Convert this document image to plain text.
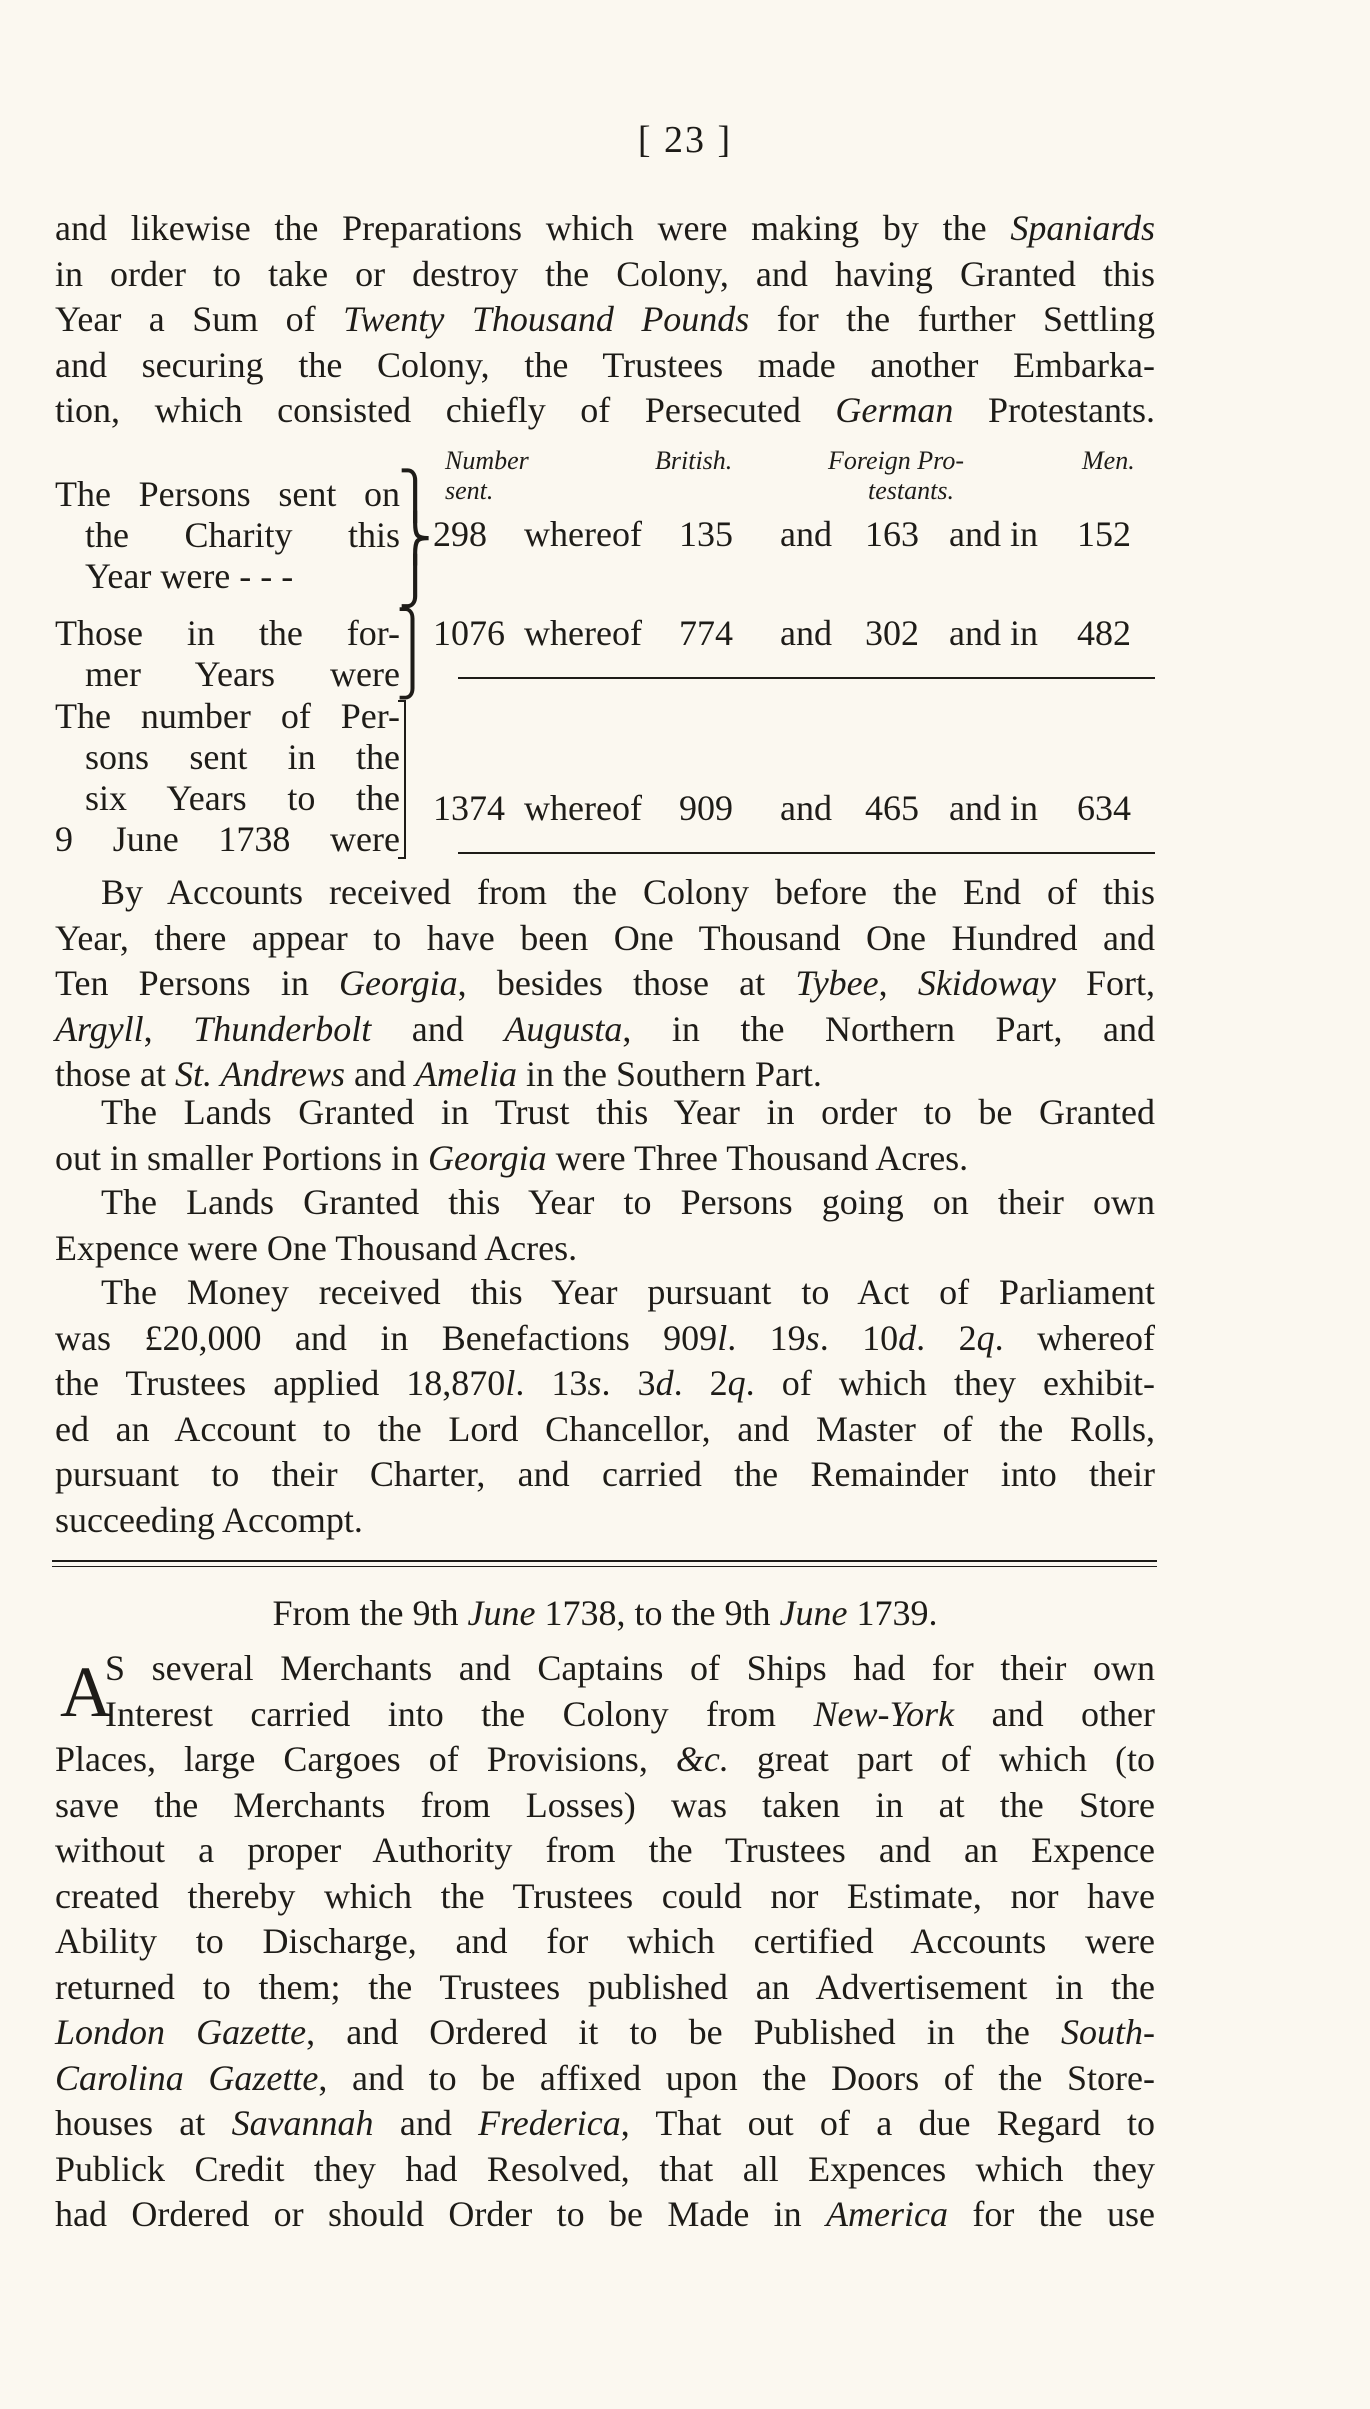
[ 23 ]
and likewise the Preparations which were making by the Spaniards
in order to take or destroy the Colony, and having Granted this
Year a Sum of Twenty Thousand Pounds for the further Settling
and securing the Colony, the Trustees made another Embarka-
tion, which consisted chiefly of Persecuted German Protestants.
Number
sent.
British.	Foreign Pro-
testants.
Men.
The Persons sent on
the Charity this
Year were - - -
⎫
⎬
⎭
298 whereof 135 and 163 and in 152
Those in the for-
mer Years were
⎫
⎭
1076 whereof 774 and 302 and in 482
The number of Per-
sons sent in the
six Years to the
9 June 1738 were
1374 whereof 909 and 465 and in 634
By Accounts received from the Colony before the End of this
Year, there appear to have been One Thousand One Hundred and
Ten Persons in Georgia, besides those at Tybee, Skidoway Fort,
Argyll, Thunderbolt and Augusta, in the Northern Part, and
those at St. Andrews and Amelia in the Southern Part.
The Lands Granted in Trust this Year in order to be Granted
out in smaller Portions in Georgia were Three Thousand Acres.
The Lands Granted this Year to Persons going on their own
Expence were One Thousand Acres.
The Money received this Year pursuant to Act of Parliament
was £20,000 and in Benefactions 909l. 19s. 10d. 2q. whereof
the Trustees applied 18,870l. 13s. 3d. 2q. of which they exhibit-
ed an Account to the Lord Chancellor, and Master of the Rolls,
pursuant to their Charter, and carried the Remainder into their
succeeding Accompt.
From the 9th June 1738, to the 9th June 1739.
A
S several Merchants and Captains of Ships had for their own
Interest carried into the Colony from New-York and other
Places, large Cargoes of Provisions, &c. great part of which (to
save the Merchants from Losses) was taken in at the Store
without a proper Authority from the Trustees and an Expence
created thereby which the Trustees could nor Estimate, nor have
Ability to Discharge, and for which certified Accounts were
returned to them; the Trustees published an Advertisement in the
London Gazette, and Ordered it to be Published in the South-
Carolina Gazette, and to be affixed upon the Doors of the Store-
houses at Savannah and Frederica, That out of a due Regard to
Publick Credit they had Resolved, that all Expences which they
had Ordered or should Order to be Made in America for the use
